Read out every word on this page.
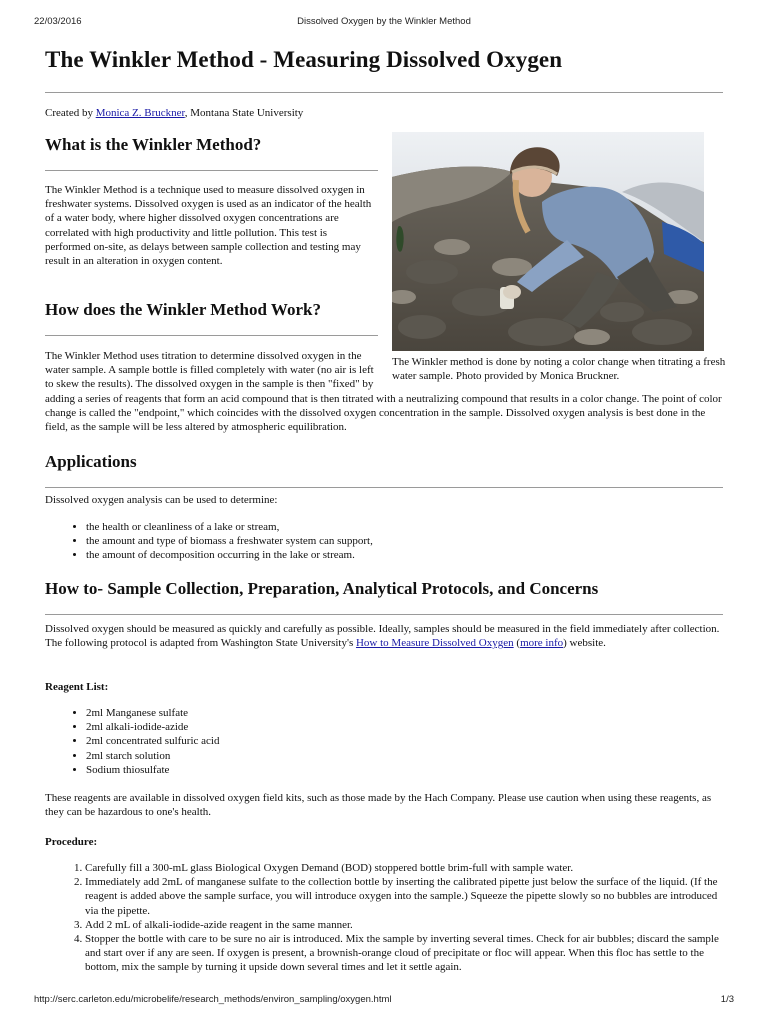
22/03/2016	Dissolved Oxygen by the Winkler Method
http://serc.carleton.edu/microbelife/research_methods/environ_sampling/oxygen.html	1/3
The Winkler method is done by noting a color change when titrating a fresh water sample. Photo provided by Monica Bruckner.
The Winkler Method - Measuring Dissolved Oxygen

Created by Monica Z. Bruckner, Montana State University

What is the Winkler Method?

The Winkler Method is a technique used to measure dissolved oxygen in freshwater systems. Dissolved oxygen is used as an indicator of the health of a water body, where higher dissolved oxygen concentrations are correlated with high productivity and little pollution. This test is performed on-site, as delays between sample collection and testing may result in an alteration in oxygen content.

How does the Winkler Method Work?

The Winkler Method uses titration to determine dissolved oxygen in the water sample. A sample bottle is filled completely with water (no air is left to skew the results). The dissolved oxygen in the sample is then "fixed" by adding a series of reagents that form an acid compound that is then titrated with a neutralizing compound that results in a color change. The point of color change is called the "endpoint," which coincides with the dissolved oxygen concentration in the sample. Dissolved oxygen analysis is best done in the field, as the sample will be less altered by atmospheric equilibration.

Applications

Dissolved oxygen analysis can be used to determine:

• the health or cleanliness of a lake or stream,
• the amount and type of biomass a freshwater system can support,
• the amount of decomposition occurring in the lake or stream.
How to- Sample Collection, Preparation, Analytical Protocols, and Concerns

Dissolved oxygen should be measured as quickly and carefully as possible. Ideally, samples should be measured in the field immediately after collection. The following protocol is adapted from Washington State University's How to Measure Dissolved Oxygen (more info) website.

Reagent List:

• 2ml Manganese sulfate
• 2ml alkali-iodide-azide
• 2ml concentrated sulfuric acid
• 2ml starch solution
• Sodium thiosulfate

These reagents are available in dissolved oxygen field kits, such as those made by the Hach Company. Please use caution when using these reagents, as they can be hazardous to one's health.

Procedure:

1. Carefully fill a 300-mL glass Biological Oxygen Demand (BOD) stoppered bottle brim-full with sample water.
2. Immediately add 2mL of manganese sulfate to the collection bottle by inserting the calibrated pipette just below the surface of the liquid. (If the reagent is added above the sample surface, you will introduce oxygen into the sample.) Squeeze the pipette slowly so no bubbles are introduced via the pipette.
3. Add 2 mL of alkali-iodide-azide reagent in the same manner.
4. Stopper the bottle with care to be sure no air is introduced. Mix the sample by inverting several times. Check for air bubbles; discard the sample and start over if any are seen. If oxygen is present, a brownish-orange cloud of precipitate or floc will appear. When this floc has settle to the bottom, mix the sample by turning it upside down several times and let it settle again.
